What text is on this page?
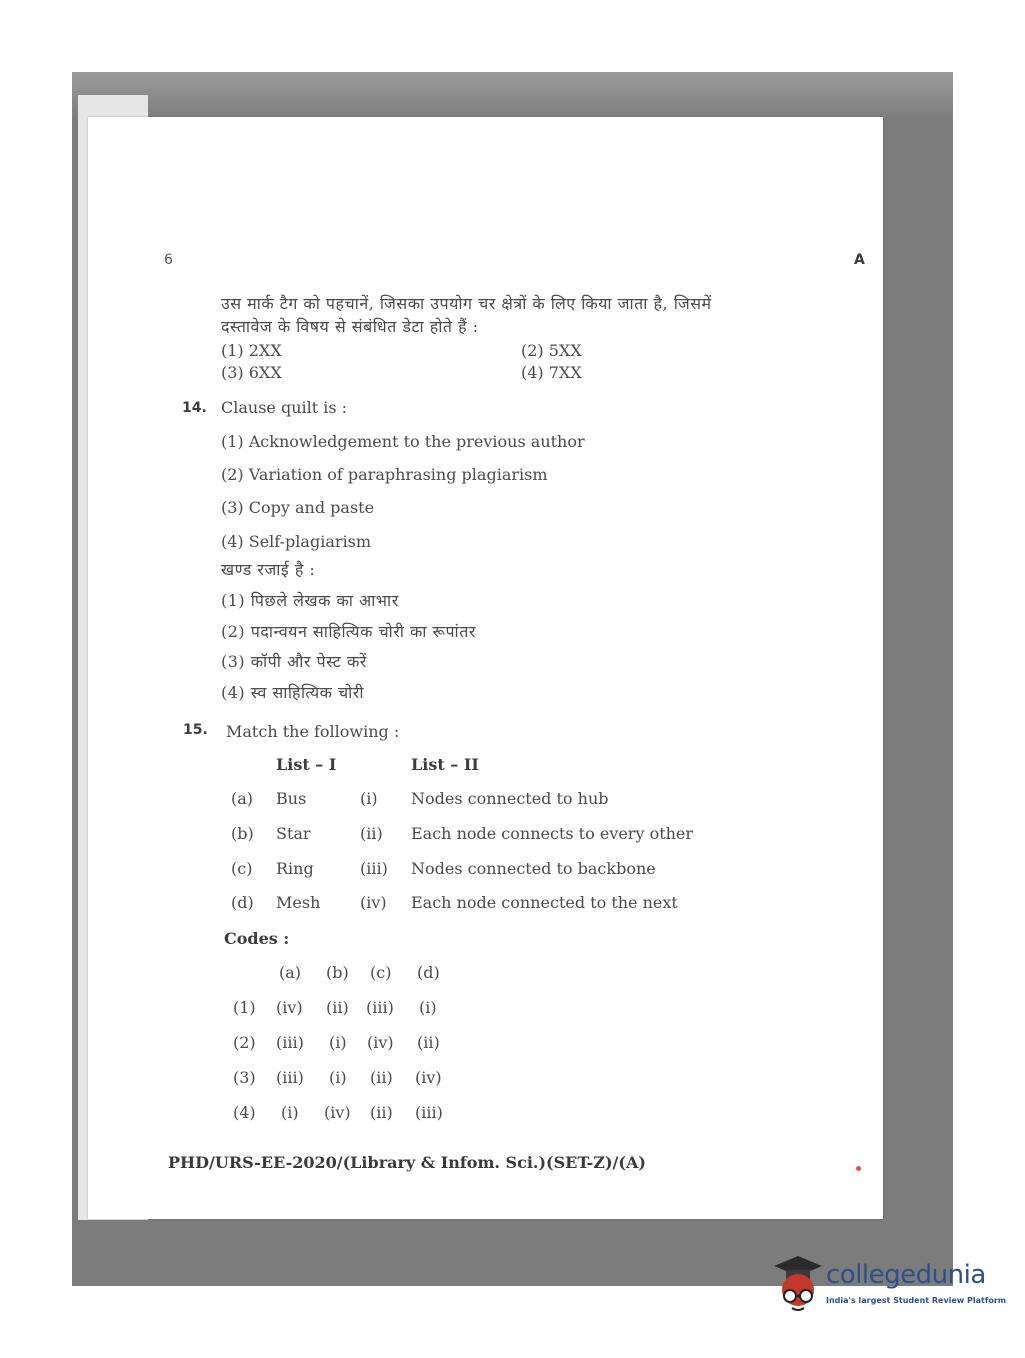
6	A
उस मार्क टैग को पहचानें, जिसका उपयोग चर क्षेत्रों के लिए किया जाता है, जिसमें
दस्तावेज के विषय से संबंधित डेटा होते हैं :
(1) 2XX	(2) 5XX
(3) 6XX	(4) 7XX
14. Clause quilt is :
(1) Acknowledgement to the previous author
(2) Variation of paraphrasing plagiarism
(3) Copy and paste
(4) Self-plagiarism
खण्ड रजाई है :
(1) पिछले लेखक का आभार
(2) पदान्वयन साहित्यिक चोरी का रूपांतर
(3) कॉपी और पेस्ट करें
(4) स्व साहित्यिक चोरी
15. Match the following :
List – I	List – II
(a) Bus	(i) Nodes connected to hub
(b) Star	(ii) Each node connects to every other
(c) Ring	(iii) Nodes connected to backbone
(d) Mesh (iv) Each node connected to the next
Codes :
(a) (b) (c) (d)
(1) (iv) (ii) (iii) (i)
(2) (iii) (i) (iv) (ii)
(3) (iii) (i) (ii) (iv)
(4) (i) (iv) (ii) (iii)
PHD/URS-EE-2020/(Library & Infom. Sci.)(SET-Z)/(A)
collegedunia
India's largest Student Review Platform
